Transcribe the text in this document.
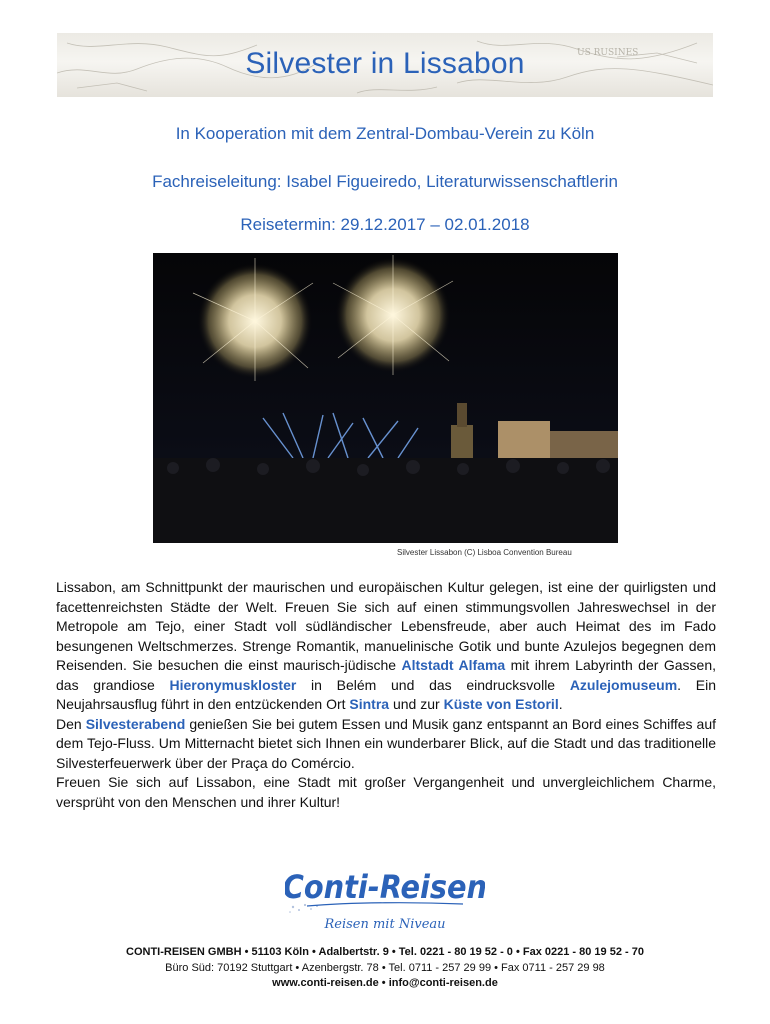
US RUSINES
Silvester in Lissabon
In Kooperation mit dem Zentral-Dombau-Verein zu Köln
Fachreiseleitung: Isabel Figueiredo, Literaturwissenschaftlerin
Reisetermin: 29.12.2017 – 02.01.2018
Silvester Lissabon (C) Lisboa Convention Bureau

Lissabon, am Schnittpunkt der maurischen und europäischen Kultur gelegen, ist eine der quirligsten und facettenreichsten Städte der Welt. Freuen Sie sich auf einen stimmungsvollen Jahreswechsel in der Metropole am Tejo, einer Stadt voll südländischer Lebensfreude, aber auch Heimat des im Fado besungenen Weltschmerzes. Strenge Romantik, manuelinische Gotik und bunte Azulejos begegnen dem Reisenden. Sie besuchen die einst maurisch-jüdische Altstadt Alfama mit ihrem Labyrinth der Gassen, das grandiose Hieronymuskloster in Belém und das eindrucksvolle Azulejomuseum. Ein Neujahrsausflug führt in den entzückenden Ort Sintra und zur Küste von Estoril.

Den Silvesterabend genießen Sie bei gutem Essen und Musik ganz entspannt an Bord eines Schiffes auf dem Tejo-Fluss. Um Mitternacht bietet sich Ihnen ein wunderbarer Blick, auf die Stadt und das traditionelle Silvesterfeuerwerk über der Praça do Comércio.

Freuen Sie sich auf Lissabon, eine Stadt mit großer Vergangenheit und unvergleichlichem Charme, versprüht von den Menschen und ihrer Kultur!

Conti-Reisen
Reisen mit Niveau
CONTI-REISEN GMBH • 51103 Köln • Adalbertstr. 9 • Tel. 0221 - 80 19 52 - 0 • Fax 0221 - 80 19 52 - 70
Büro Süd: 70192 Stuttgart • Azenbergstr. 78 • Tel. 0711 - 257 29 99 • Fax 0711 - 257 29 98
www.conti-reisen.de • info@conti-reisen.de
